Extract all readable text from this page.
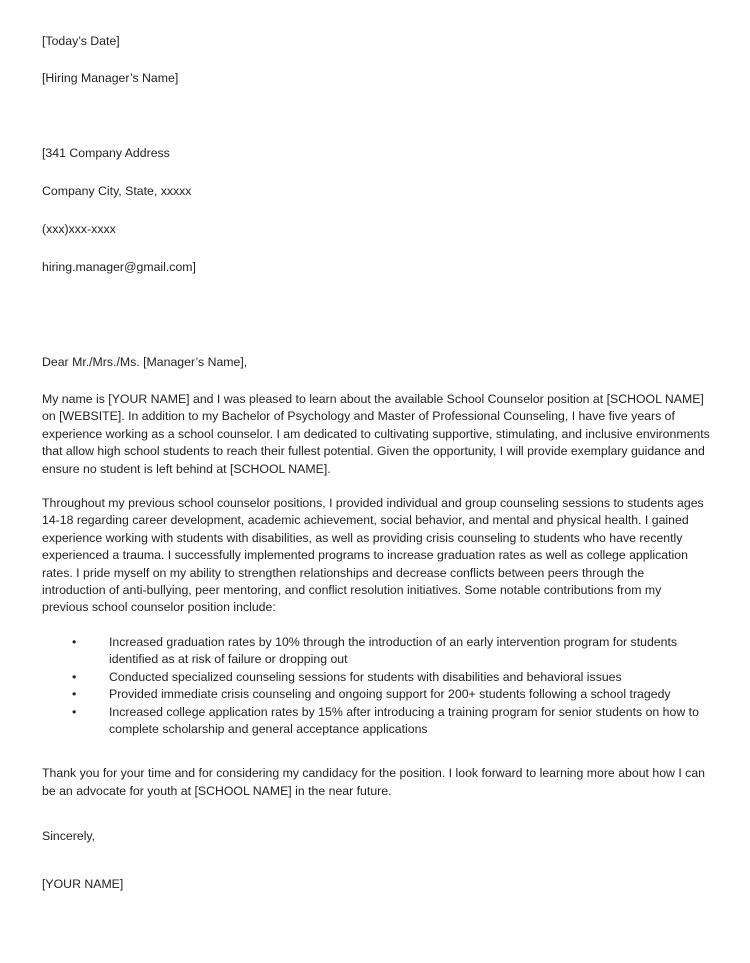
[Today’s Date]

[Hiring Manager’s Name]

[341 Company Address

Company City, State, xxxxx

(xxx)xxx-xxxx

hiring.manager@gmail.com]

Dear Mr./Mrs./Ms. [Manager’s Name],

My name is [YOUR NAME] and I was pleased to learn about the available School Counselor position at [SCHOOL NAME] on [WEBSITE]. In addition to my Bachelor of Psychology and Master of Professional Counseling, I have five years of experience working as a school counselor. I am dedicated to cultivating supportive, stimulating, and inclusive environments that allow high school students to reach their fullest potential. Given the opportunity, I will provide exemplary guidance and ensure no student is left behind at [SCHOOL NAME].

Throughout my previous school counselor positions, I provided individual and group counseling sessions to students ages 14-18 regarding career development, academic achievement, social behavior, and mental and physical health. I gained experience working with students with disabilities, as well as providing crisis counseling to students who have recently experienced a trauma. I successfully implemented programs to increase graduation rates as well as college application rates. I pride myself on my ability to strengthen relationships and decrease conflicts between peers through the introduction of anti-bullying, peer mentoring, and conflict resolution initiatives. Some notable contributions from my previous school counselor position include:

•	Increased graduation rates by 10% through the introduction of an early intervention program for students identified as at risk of failure or dropping out
•	Conducted specialized counseling sessions for students with disabilities and behavioral issues
•	Provided immediate crisis counseling and ongoing support for 200+ students following a school tragedy
•	Increased college application rates by 15% after introducing a training program for senior students on how to complete scholarship and general acceptance applications

Thank you for your time and for considering my candidacy for the position. I look forward to learning more about how I can be an advocate for youth at [SCHOOL NAME] in the near future.

Sincerely,

[YOUR NAME]
